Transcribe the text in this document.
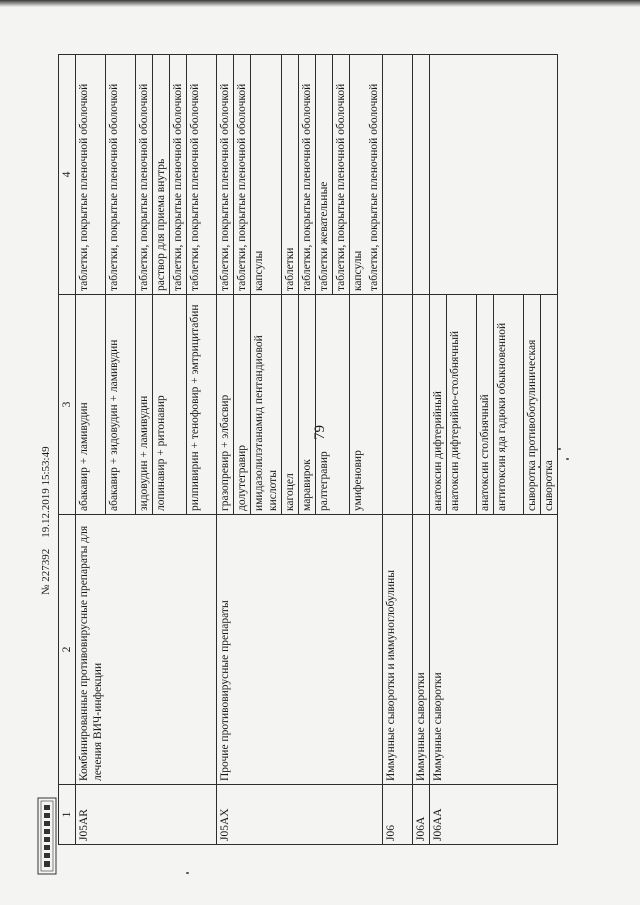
79
1	2	3	4
J05AR	Комбинированные противовирусные препараты для лечения ВИЧ-инфекции	абакавир + ламивудин	таблетки, покрытые пленочной оболочкой
		абакавир + зидовудин + ламивудин	таблетки, покрытые пленочной оболочкой
		зидовудин + ламивудин	таблетки, покрытые пленочной оболочкой
		лопинавир + ритонавир	раствор для приема внутрь
			таблетки, покрытые пленочной оболочкой
		рилпивирин + тенофовир + эмтрицитабин	таблетки, покрытые пленочной оболочкой
J05AX	Прочие противовирусные препараты	гразопревир + элбасвир	таблетки, покрытые пленочной оболочкой
		долутегравир	таблетки, покрытые пленочной оболочкой
		имидазолилэтанамид пентандиовой кислоты	капсулы
		кагоцел	таблетки
		маравирок	таблетки, покрытые пленочной оболочкой
		ралтегравир	таблетки жевательные
			таблетки, покрытые пленочной оболочкой
		умифеновир	капсулы
			таблетки, покрытые пленочной оболочкой
J06	Иммунные сыворотки и иммуноглобулины		
J06A	Иммунные сыворотки		
J06AA	Иммунные сыворотки	анатоксин дифтерийный	
		анатоксин дифтерийно-столбнячный	
		анатоксин столбнячный	
		антитоксин яда гадюки обыкновенной	
		сыворотка противоботулиническая	
		сыворотка	
№ 227392    19.12.2019 15:53:49
